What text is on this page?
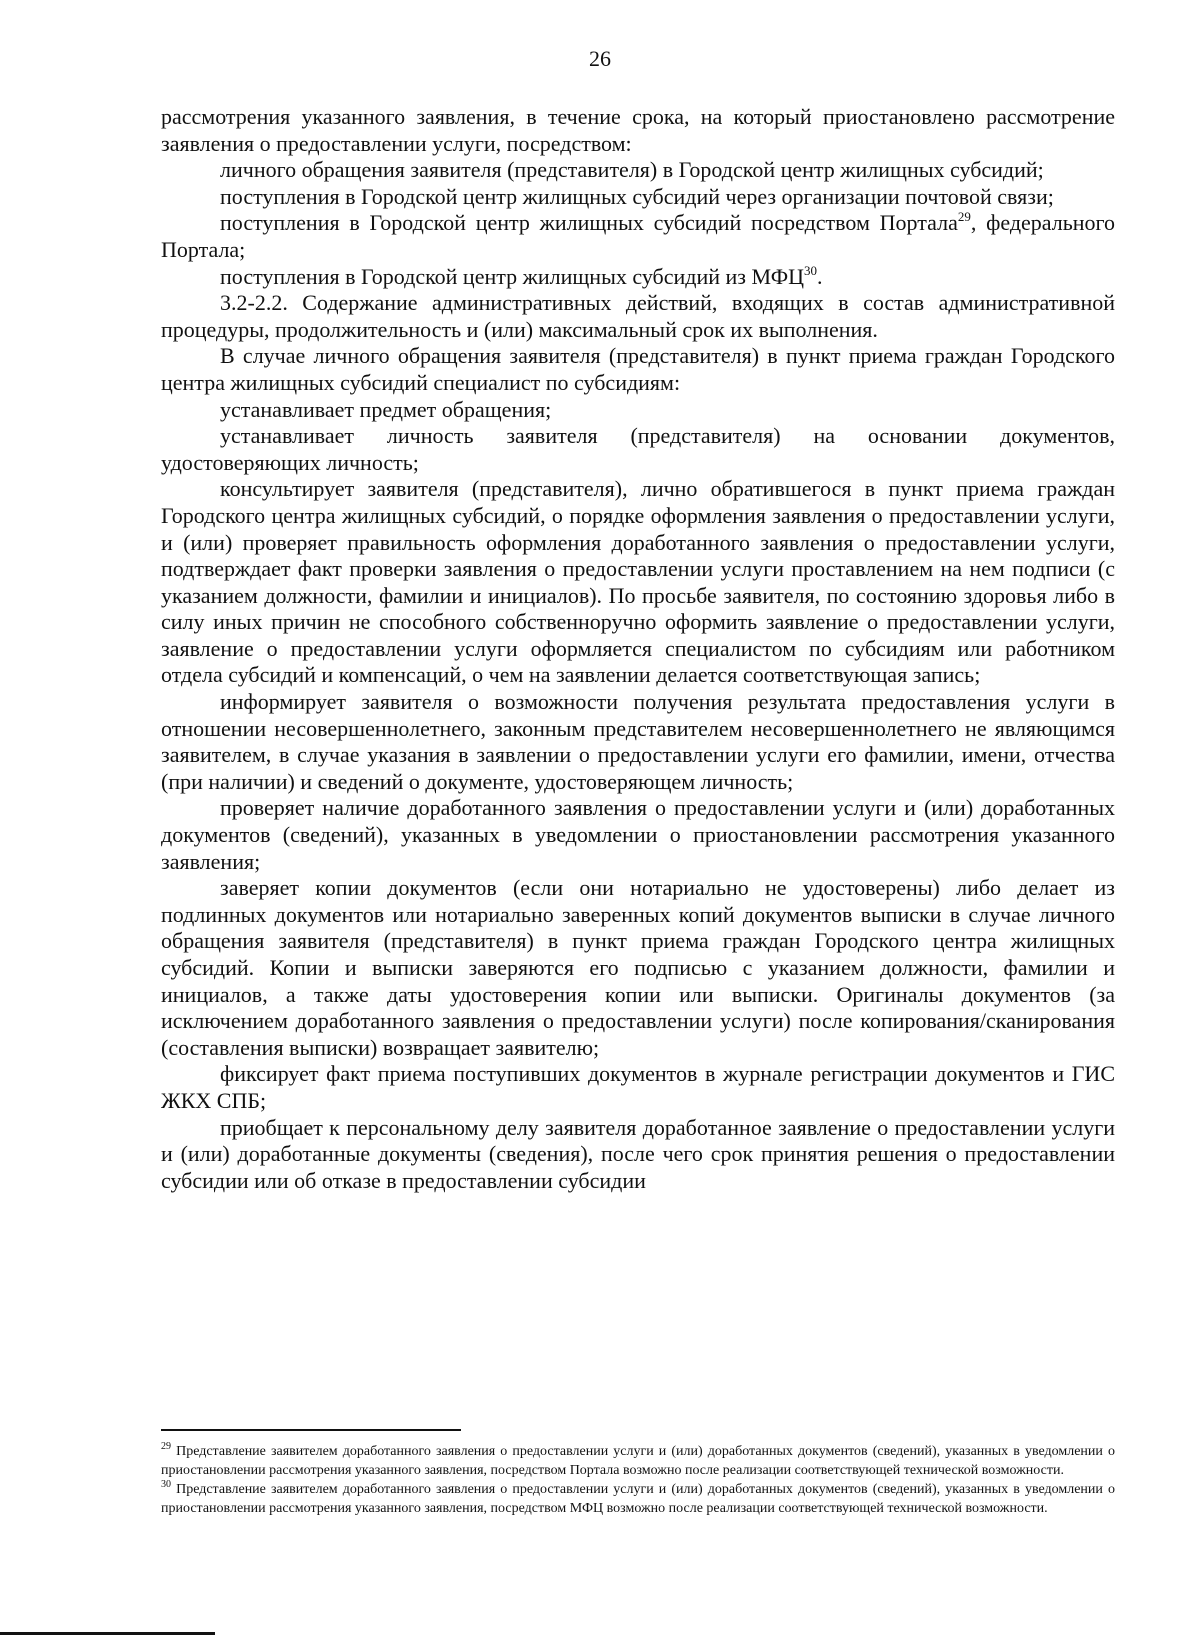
26

рассмотрения указанного заявления, в течение срока, на который приостановлено рассмотрение заявления о предоставлении услуги, посредством:

личного обращения заявителя (представителя) в Городской центр жилищных субсидий;

поступления в Городской центр жилищных субсидий через организации почтовой связи;

поступления в Городской центр жилищных субсидий посредством Портала$^{29}$, федерального Портала;

поступления в Городской центр жилищных субсидий из МФЦ$^{30}$.

3.2-2.2. Содержание административных действий, входящих в состав административной процедуры, продолжительность и (или) максимальный срок их выполнения.

В случае личного обращения заявителя (представителя) в пункт приема граждан Городского центра жилищных субсидий специалист по субсидиям:

устанавливает предмет обращения;

устанавливает личность заявителя (представителя) на основании документов, удостоверяющих личность;

консультирует заявителя (представителя), лично обратившегося в пункт приема граждан Городского центра жилищных субсидий, о порядке оформления заявления о предоставлении услуги, и (или) проверяет правильность оформления доработанного заявления о предоставлении услуги, подтверждает факт проверки заявления о предоставлении услуги проставлением на нем подписи (с указанием должности, фамилии и инициалов). По просьбе заявителя, по состоянию здоровья либо в силу иных причин не способного собственноручно оформить заявление о предоставлении услуги, заявление о предоставлении услуги оформляется специалистом по субсидиям или работником отдела субсидий и компенсаций, о чем на заявлении делается соответствующая запись;

информирует заявителя о возможности получения результата предоставления услуги в отношении несовершеннолетнего, законным представителем несовершеннолетнего не являющимся заявителем, в случае указания в заявлении о предоставлении услуги его фамилии, имени, отчества (при наличии) и сведений о документе, удостоверяющем личность;

проверяет наличие доработанного заявления о предоставлении услуги и (или) доработанных документов (сведений), указанных в уведомлении о приостановлении рассмотрения указанного заявления;

заверяет копии документов (если они нотариально не удостоверены) либо делает из подлинных документов или нотариально заверенных копий документов выписки в случае личного обращения заявителя (представителя) в пункт приема граждан Городского центра жилищных субсидий. Копии и выписки заверяются его подписью с указанием должности, фамилии и инициалов, а также даты удостоверения копии или выписки. Оригиналы документов (за исключением доработанного заявления о предоставлении услуги) после копирования/сканирования (составления выписки) возвращает заявителю;

фиксирует факт приема поступивших документов в журнале регистрации документов и ГИС ЖКХ СПБ;

приобщает к персональному делу заявителя доработанное заявление о предоставлении услуги и (или) доработанные документы (сведения), после чего срок принятия решения о предоставлении субсидии или об отказе в предоставлении субсидии

$^{29}$ Представление заявителем доработанного заявления о предоставлении услуги и (или) доработанных документов (сведений), указанных в уведомлении о приостановлении рассмотрения указанного заявления, посредством Портала возможно после реализации соответствующей технической возможности.

$^{30}$ Представление заявителем доработанного заявления о предоставлении услуги и (или) доработанных документов (сведений), указанных в уведомлении о приостановлении рассмотрения указанного заявления, посредством МФЦ возможно после реализации соответствующей технической возможности.
